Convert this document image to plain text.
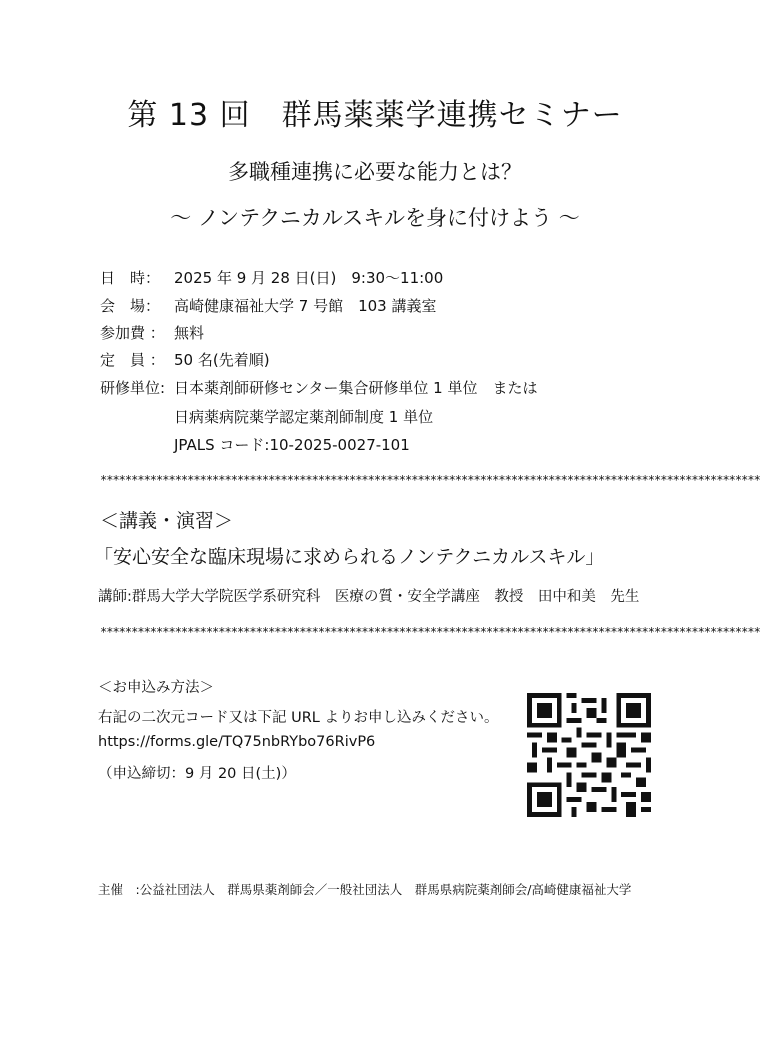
第 13 回　群馬薬薬学連携セミナー
多職種連携に必要な能力とは？
～ ノンテクニカルスキルを身に付けよう ～
日　時： 2025 年 9 月 28 日(日)　9:30～11:00
会　場： 高崎健康福祉大学 7 号館　103 講義室
参加費 ： 無料
定　員 ： 50 名(先着順)
研修単位: 日本薬剤師研修センター集合研修単位 1 単位　または
日病薬病院薬学認定薬剤師制度 1 単位
JPALS コード:10-2025-0027-101
**********************************************************************************************************
＜講義・演習＞
「安心安全な臨床現場に求められるノンテクニカルスキル」
講師:群馬大学大学院医学系研究科　医療の質・安全学講座　教授　田中和美　先生
**********************************************************************************************************
＜お申込み方法＞
右記の二次元コード又は下記 URL よりお申し込みください。
https://forms.gle/TQ75nbRYbo76RivP6
（申込締切：9 月 20 日(土)）
主催　:公益社団法人　群馬県薬剤師会／一般社団法人　群馬県病院薬剤師会/高崎健康福祉大学
